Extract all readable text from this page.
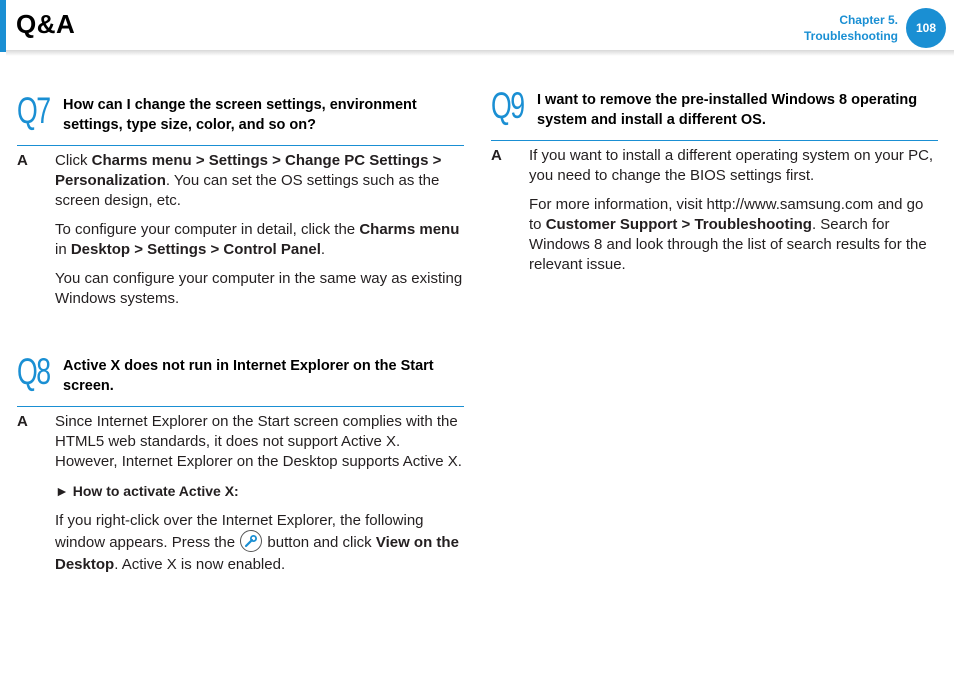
Q&A	Chapter 5.
Troubleshooting
108
Q7 How can I change the screen settings, environment settings, type size, color, and so on?
A Click Charms menu > Settings > Change PC Settings > Personalization. You can set the OS settings such as the screen design, etc.

To configure your computer in detail, click the Charms menu in Desktop > Settings > Control Panel.

You can configure your computer in the same way as existing Windows systems.

Q8 Active X does not run in Internet Explorer on the Start screen.
A Since Internet Explorer on the Start screen complies with the HTML5 web standards, it does not support Active X. However, Internet Explorer on the Desktop supports Active X.

► How to activate Active X:

If you right-click over the Internet Explorer, the following window appears. Press the
button and click View on the Desktop. Active X is now enabled.

Q9 I want to remove the pre-installed Windows 8 operating system and install a different OS.
A If you want to install a different operating system on your PC, you need to change the BIOS settings first.

For more information, visit http://www.samsung.com and go to Customer Support > Troubleshooting. Search for Windows 8 and look through the list of search results for the relevant issue.
